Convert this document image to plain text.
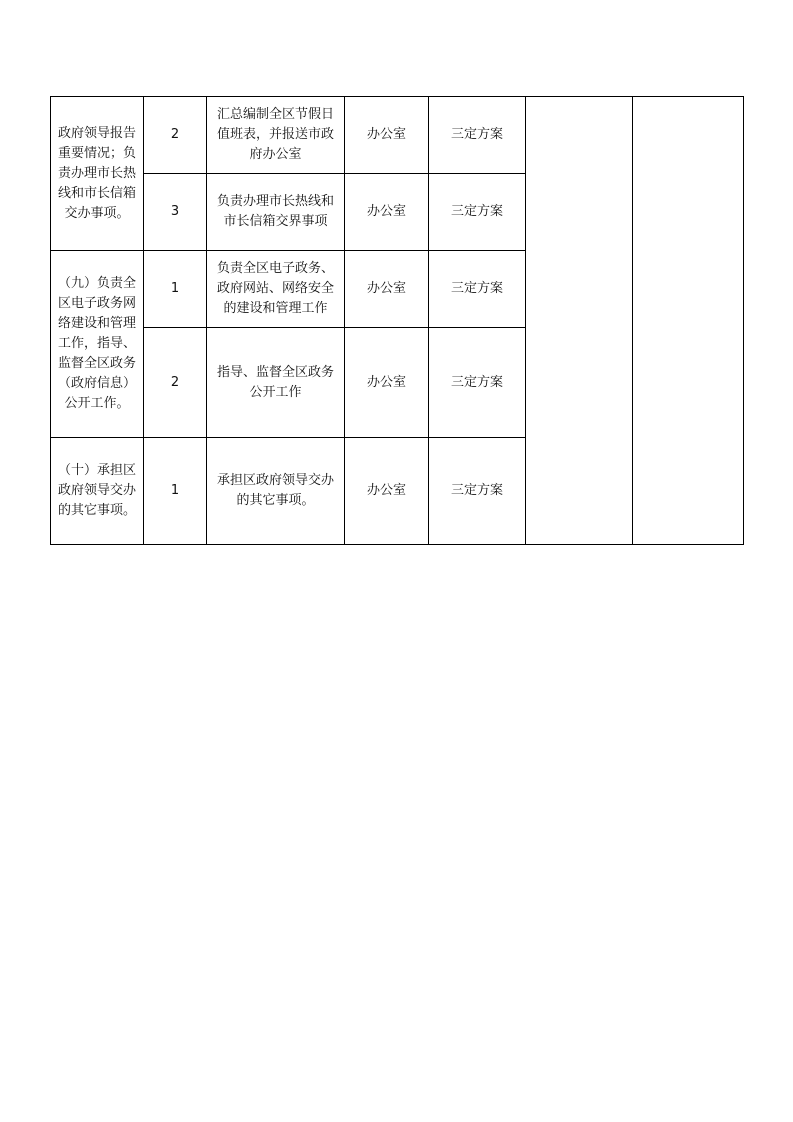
政府领导报告重要情况；负责办理市长热线和市长信箱交办事项。	2	汇总编制全区节假日值班表，并报送市政府办公室	办公室	三定方案		
	3	负责办理市长热线和市长信箱交界事项	办公室	三定方案		

（九）负责全区电子政务网络建设和管理工作，指导、监督全区政务（政府信息）公开工作。	1	负责全区电子政务、政府网站、网络安全的建设和管理工作	办公室	三定方案		
	2	指导、监督全区政务公开工作	办公室	三定方案		

（十）承担区政府领导交办的其它事项。	1	承担区政府领导交办的其它事项。	办公室	三定方案		
